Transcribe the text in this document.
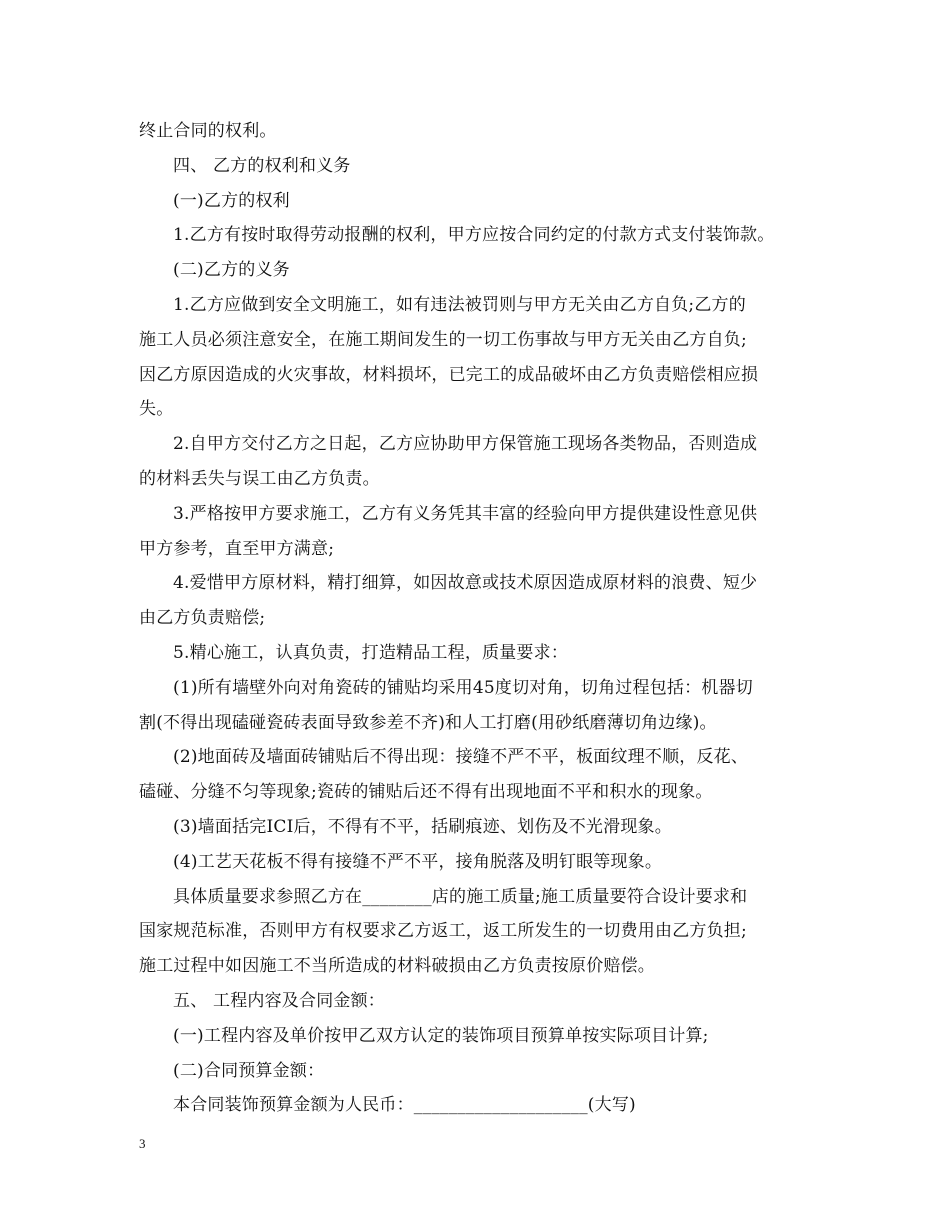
终止合同的权利。
四、 乙方的权利和义务
(一)乙方的权利
1.乙方有按时取得劳动报酬的权利，甲方应按合同约定的付款方式支付装饰款。
(二)乙方的义务
1.乙方应做到安全文明施工，如有违法被罚则与甲方无关由乙方自负;乙方的
施工人员必须注意安全，在施工期间发生的一切工伤事故与甲方无关由乙方自负;
因乙方原因造成的火灾事故，材料损坏，已完工的成品破坏由乙方负责赔偿相应损
失。
2.自甲方交付乙方之日起，乙方应协助甲方保管施工现场各类物品，否则造成
的材料丢失与误工由乙方负责。
3.严格按甲方要求施工，乙方有义务凭其丰富的经验向甲方提供建设性意见供
甲方参考，直至甲方满意;
4.爱惜甲方原材料，精打细算，如因故意或技术原因造成原材料的浪费、短少
由乙方负责赔偿;
5.精心施工，认真负责，打造精品工程，质量要求：
(1)所有墙壁外向对角瓷砖的铺贴均采用45度切对角，切角过程包括：机器切
割(不得出现磕碰瓷砖表面导致参差不齐)和人工打磨(用砂纸磨薄切角边缘)。
(2)地面砖及墙面砖铺贴后不得出现：接缝不严不平，板面纹理不顺，反花、
磕碰、分缝不匀等现象;瓷砖的铺贴后还不得有出现地面不平和积水的现象。
(3)墙面括完ICI后，不得有不平，括刷痕迹、划伤及不光滑现象。
(4)工艺天花板不得有接缝不严不平，接角脱落及明钉眼等现象。
具体质量要求参照乙方在________店的施工质量;施工质量要符合设计要求和
国家规范标准，否则甲方有权要求乙方返工，返工所发生的一切费用由乙方负担;
施工过程中如因施工不当所造成的材料破损由乙方负责按原价赔偿。
五、 工程内容及合同金额：
(一)工程内容及单价按甲乙双方认定的装饰项目预算单按实际项目计算;
(二)合同预算金额：
本合同装饰预算金额为人民币：____________________(大写)
3
